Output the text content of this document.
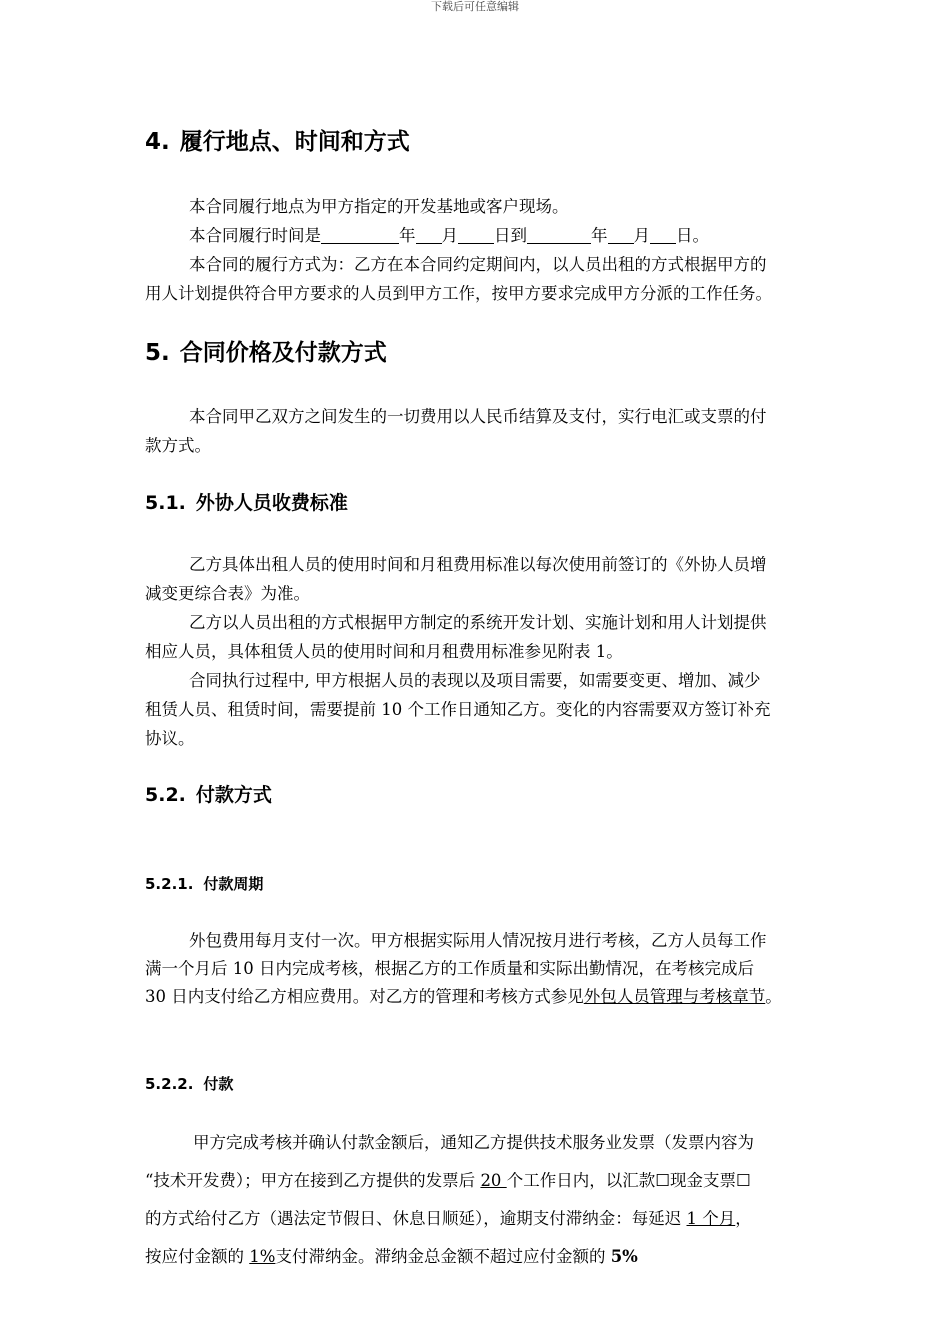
下载后可任意编辑
4. 履行地点、时间和方式
本合同履行地点为甲方指定的开发基地或客户现场。
本合同履行时间是	年 月 日到	年 月 日。
本合同的履行方式为：乙方在本合同约定期间内，以人员出租的方式根据甲方的
用人计划提供符合甲方要求的人员到甲方工作，按甲方要求完成甲方分派的工作任务。
5. 合同价格及付款方式
本合同甲乙双方之间发生的一切费用以人民币结算及支付，实行电汇或支票的付
款方式。
5.1. 外协人员收费标准
乙方具体出租人员的使用时间和月租费用标准以每次使用前签订的《外协人员增
减变更综合表》为准。
乙方以人员出租的方式根据甲方制定的系统开发计划、实施计划和用人计划提供
相应人员，具体租赁人员的使用时间和月租费用标准参见附表 1。
合同执行过程中, 甲方根据人员的表现以及项目需要，如需要变更、增加、减少
租赁人员、租赁时间，需要提前 10 个工作日通知乙方。变化的内容需要双方签订补充
协议。
5.2. 付款方式
5.2.1. 付款周期
外包费用每月支付一次。甲方根据实际用人情况按月进行考核，乙方人员每工作
满一个月后 10 日内完成考核，根据乙方的工作质量和实际出勤情况，在考核完成后
30 日内支付给乙方相应费用。对乙方的管理和考核方式参见外包人员管理与考核章节。
5.2.2. 付款
甲方完成考核并确认付款金额后，通知乙方提供技术服务业发票（发票内容为
“技术开发费）；甲方在接到乙方提供的发票后 20 个工作日内，以汇款☐现金支票☐
的方式给付乙方（遇法定节假日、休息日顺延），逾期支付滞纳金：每延迟 1 个月，
按应付金额的 1%支付滞纳金。滞纳金总金额不超过应付金额的 5%
